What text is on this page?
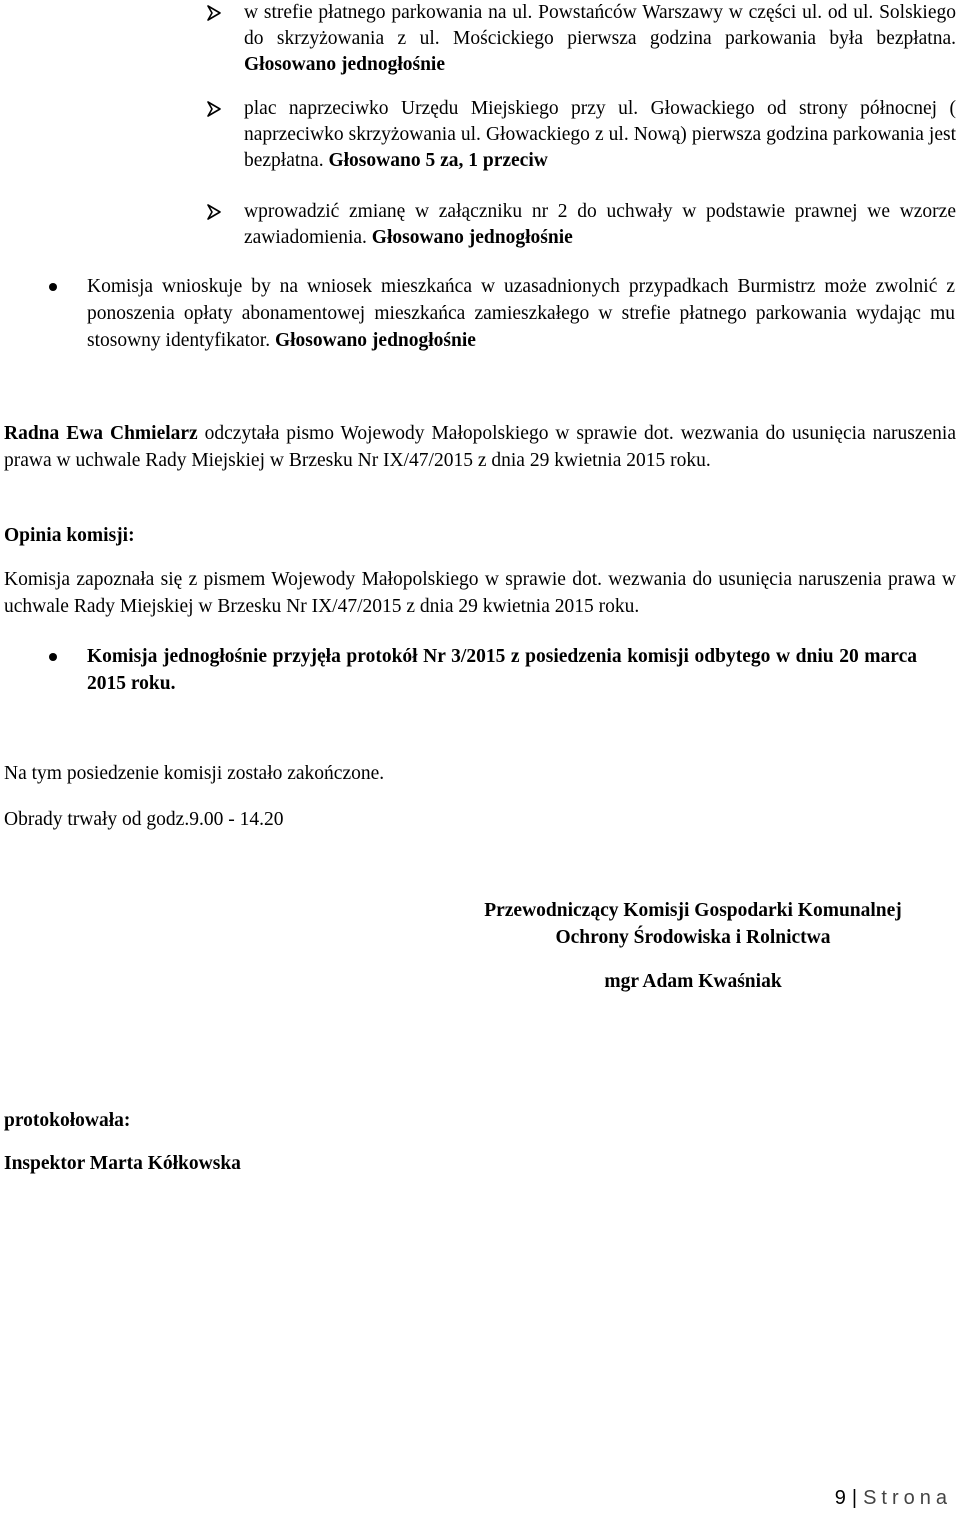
w strefie płatnego parkowania na ul. Powstańców Warszawy w części ul. od ul. Solskiego do skrzyżowania z ul. Mościckiego pierwsza godzina parkowania była bezpłatna. Głosowano jednogłośnie

plac naprzeciwko Urzędu Miejskiego przy ul. Głowackiego od strony północnej ( naprzeciwko skrzyżowania ul. Głowackiego z ul. Nową) pierwsza godzina parkowania jest bezpłatna. Głosowano 5 za, 1 przeciw

wprowadzić zmianę w załączniku nr 2 do uchwały w podstawie prawnej we wzorze zawiadomienia. Głosowano jednogłośnie

Komisja wnioskuje by na wniosek mieszkańca w uzasadnionych przypadkach Burmistrz może zwolnić z ponoszenia opłaty abonamentowej mieszkańca zamieszkałego w strefie płatnego parkowania wydając mu stosowny identyfikator. Głosowano jednogłośnie

Radna Ewa Chmielarz odczytała pismo Wojewody Małopolskiego w sprawie dot. wezwania do usunięcia naruszenia prawa w uchwale Rady Miejskiej w Brzesku Nr IX/47/2015 z dnia 29 kwietnia 2015 roku.

Opinia komisji:

Komisja zapoznała się z pismem Wojewody Małopolskiego w sprawie dot. wezwania do usunięcia naruszenia prawa w uchwale Rady Miejskiej w Brzesku Nr IX/47/2015 z dnia 29 kwietnia 2015 roku.

Komisja jednogłośnie przyjęła protokół Nr 3/2015 z posiedzenia komisji odbytego w dniu 20 marca 2015 roku.

Na tym posiedzenie komisji zostało zakończone.

Obrady trwały od godz.9.00 - 14.20

Przewodniczący Komisji Gospodarki Komunalnej
Ochrony Środowiska i Rolnictwa
mgr Adam Kwaśniak

protokołowała:

Inspektor Marta Kółkowska

9 | Strona
